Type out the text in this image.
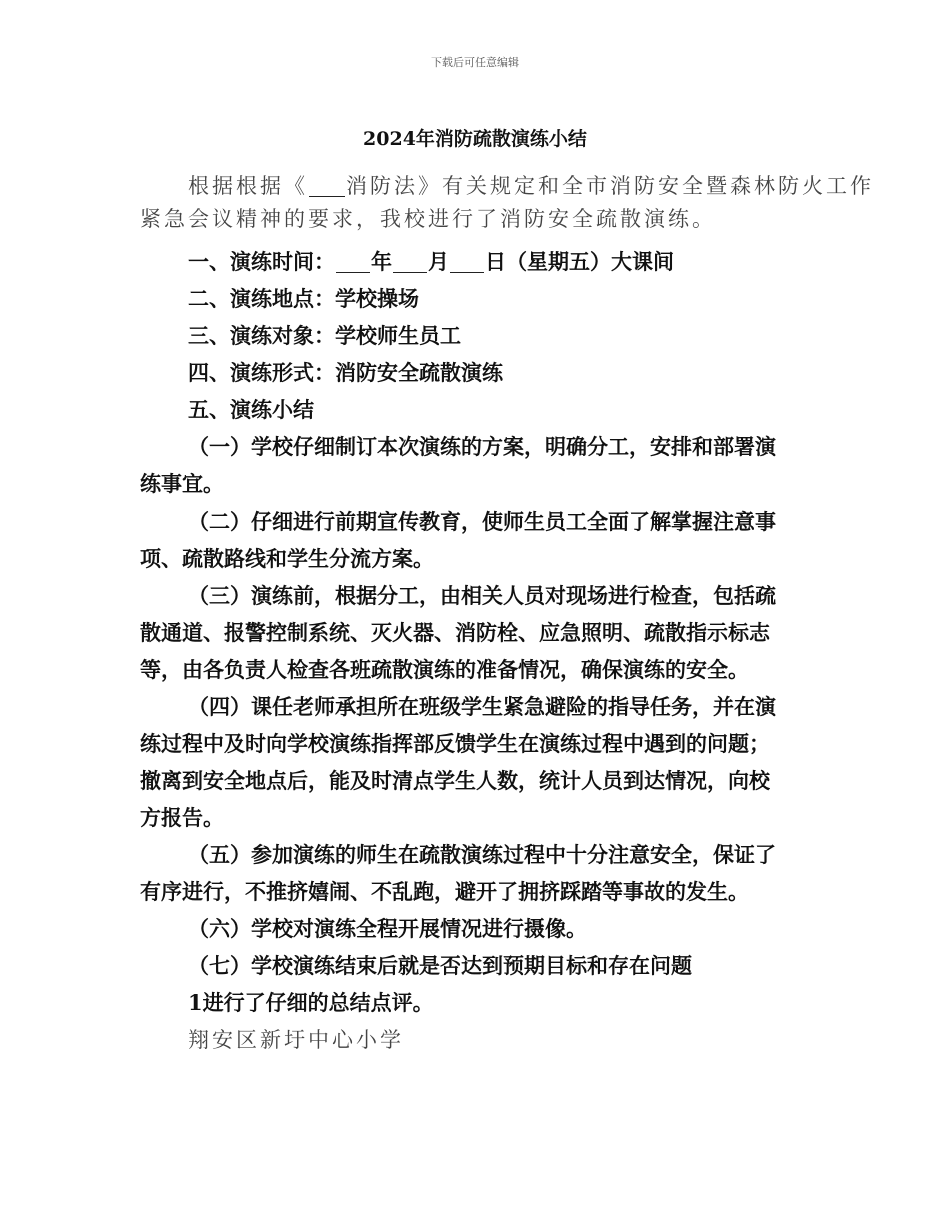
下载后可任意编辑
2024年消防疏散演练小结
根据根据《 消防法》有关规定和全市消防安全暨森林防火工作
紧急会议精神的要求，我校进行了消防安全疏散演练。
一、演练时间： 年 月 日（星期五）大课间
二、演练地点：学校操场
三、演练对象：学校师生员工
四、演练形式：消防安全疏散演练
五、演练小结
（一）学校仔细制订本次演练的方案，明确分工，安排和部署演
练事宜。
（二）仔细进行前期宣传教育，使师生员工全面了解掌握注意事
项、疏散路线和学生分流方案。
（三）演练前，根据分工，由相关人员对现场进行检查，包括疏
散通道、报警控制系统、灭火器、消防栓、应急照明、疏散指示标志
等，由各负责人检查各班疏散演练的准备情况，确保演练的安全。
（四）课任老师承担所在班级学生紧急避险的指导任务，并在演
练过程中及时向学校演练指挥部反馈学生在演练过程中遇到的问题；
撤离到安全地点后，能及时清点学生人数，统计人员到达情况，向校
方报告。
（五）参加演练的师生在疏散演练过程中十分注意安全，保证了
有序进行，不推挤嬉闹、不乱跑，避开了拥挤踩踏等事故的发生。
（六）学校对演练全程开展情况进行摄像。
（七）学校演练结束后就是否达到预期目标和存在问题
1进行了仔细的总结点评。
翔安区新圩中心小学
